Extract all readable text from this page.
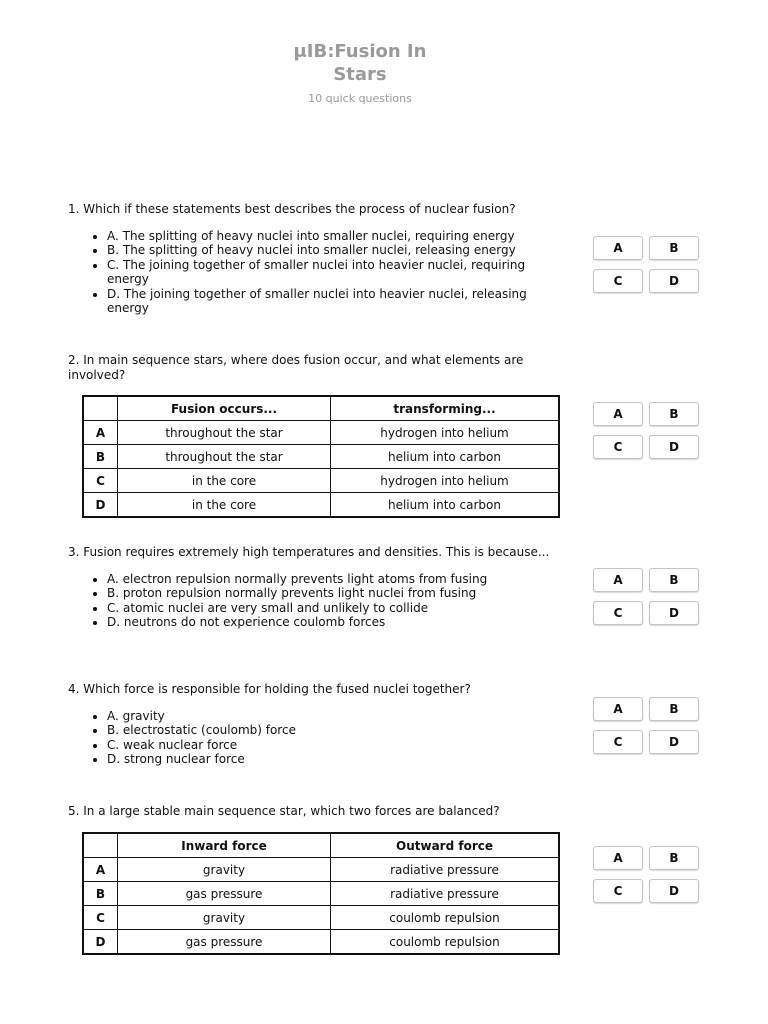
μIB:Fusion In
Stars
10 quick questions

1. Which if these statements best describes the process of nuclear fusion?

• A. The splitting of heavy nuclei into smaller nuclei, requiring energy
• B. The splitting of heavy nuclei into smaller nuclei, releasing energy
• C. The joining together of smaller nuclei into heavier nuclei, requiring energy
• D. The joining together of smaller nuclei into heavier nuclei, releasing energy
A	B
C	D

2. In main sequence stars, where does fusion occur, and what elements are involved?

	Fusion occurs...	transforming...
A	throughout the star	hydrogen into helium
B	throughout the star	helium into carbon
C	in the core	hydrogen into helium
D	in the core	helium into carbon
A	B
C	D

3. Fusion requires extremely high temperatures and densities. This is because...

• A. electron repulsion normally prevents light atoms from fusing
• B. proton repulsion normally prevents light nuclei from fusing
• C. atomic nuclei are very small and unlikely to collide
• D. neutrons do not experience coulomb forces
A	B
C	D

4. Which force is responsible for holding the fused nuclei together?

• A. gravity
• B. electrostatic (coulomb) force
• C. weak nuclear force
• D. strong nuclear force
A	B
C	D

5. In a large stable main sequence star, which two forces are balanced?

	Inward force	Outward force
A	gravity	radiative pressure
B	gas pressure	radiative pressure
C	gravity	coulomb repulsion
D	gas pressure	coulomb repulsion
A	B
C	D
